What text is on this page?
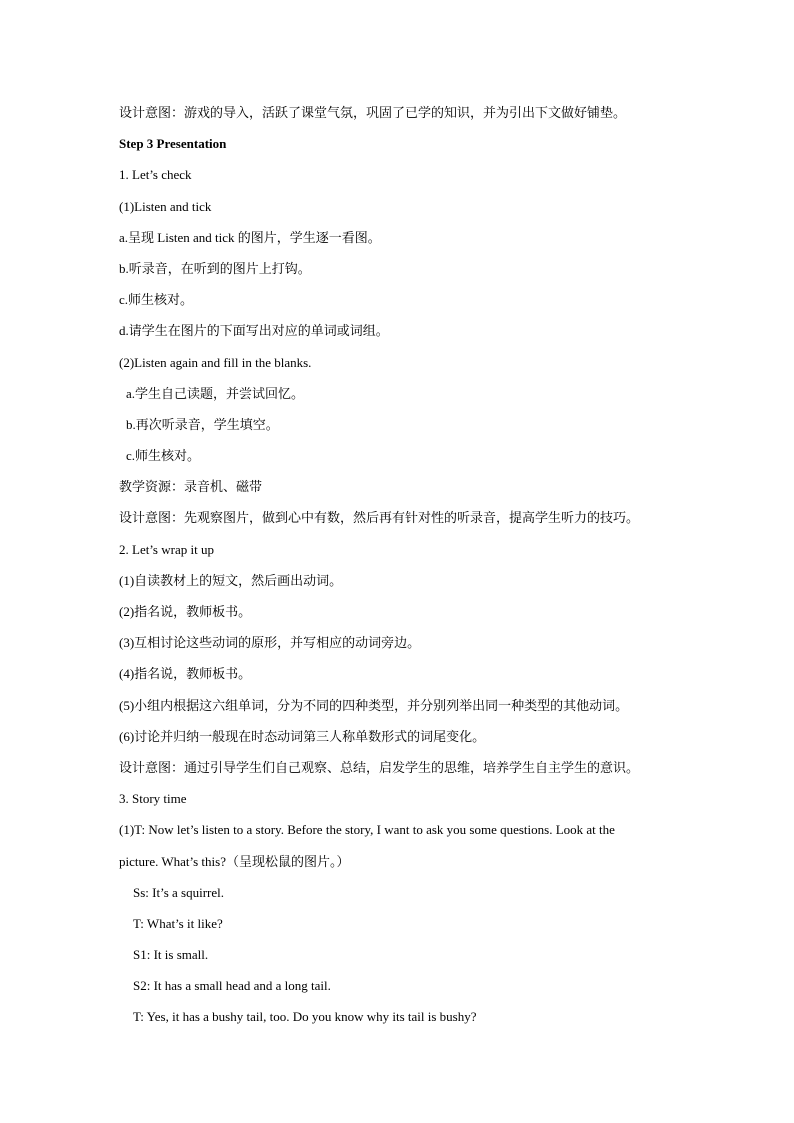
设计意图：游戏的导入，活跃了课堂气氛，巩固了已学的知识，并为引出下文做好铺垫。
Step 3 Presentation
1. Let’s check
(1)Listen and tick
a.呈现 Listen and tick 的图片，学生逐一看图。
b.听录音，在听到的图片上打钩。
c.师生核对。
d.请学生在图片的下面写出对应的单词或词组。
(2)Listen again and fill in the blanks.
a.学生自己读题，并尝试回忆。
b.再次听录音，学生填空。
c.师生核对。
教学资源：录音机、磁带
设计意图：先观察图片，做到心中有数，然后再有针对性的听录音，提高学生听力的技巧。
2. Let’s wrap it up
(1)自读教材上的短文，然后画出动词。
(2)指名说，教师板书。
(3)互相讨论这些动词的原形，并写相应的动词旁边。
(4)指名说，教师板书。
(5)小组内根据这六组单词，分为不同的四种类型，并分别列举出同一种类型的其他动词。
(6)讨论并归纳一般现在时态动词第三人称单数形式的词尾变化。
设计意图：通过引导学生们自己观察、总结，启发学生的思维，培养学生自主学生的意识。
3. Story time
(1)T: Now let’s listen to a story. Before the story, I want to ask you some questions. Look at the
picture. What’s this?（呈现松鼠的图片。）
Ss: It’s a squirrel.
T: What’s it like?
S1: It is small.
S2: It has a small head and a long tail.
T: Yes, it has a bushy tail, too. Do you know why its tail is bushy?
